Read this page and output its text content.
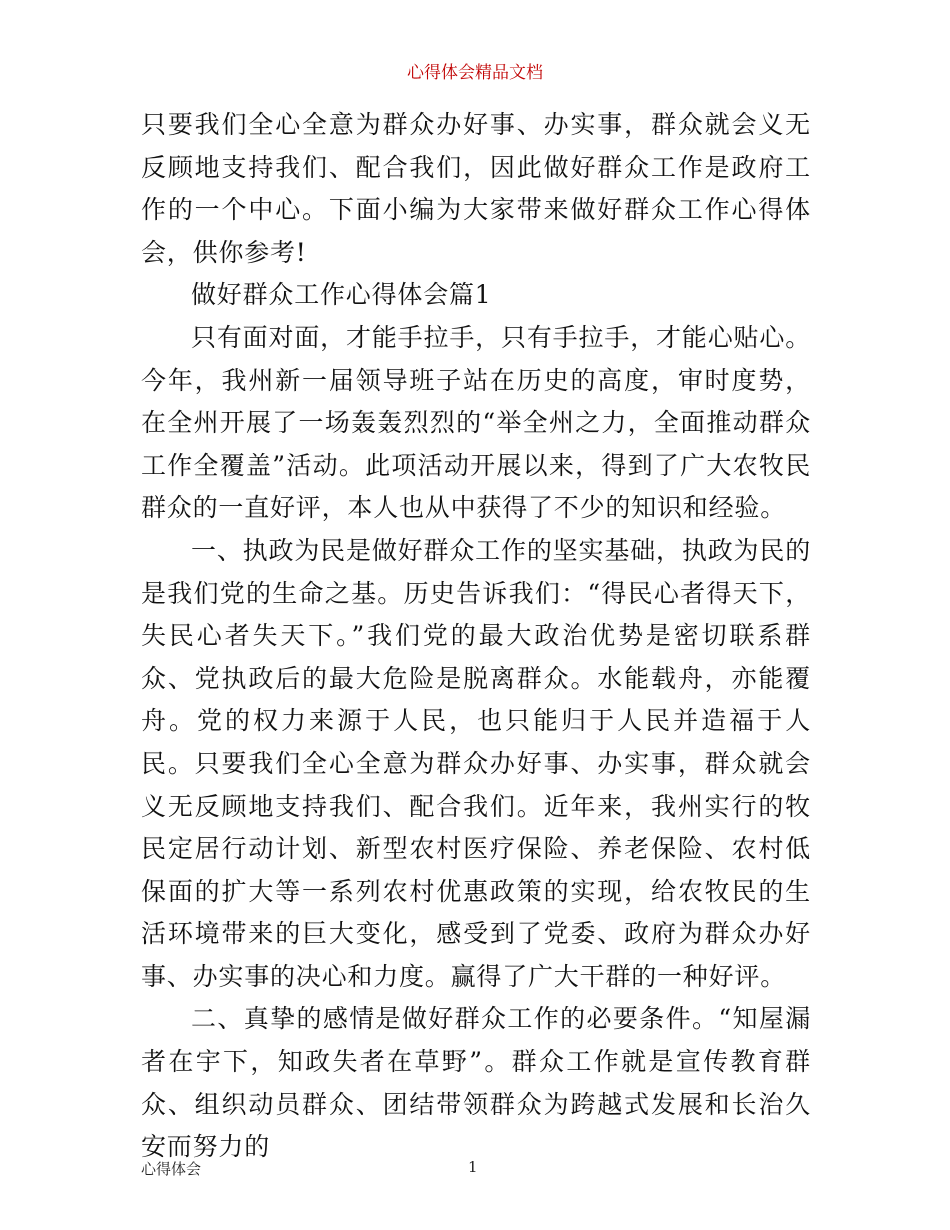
心得体会精品文档

只要我们全心全意为群众办好事、办实事，群众就会义无反顾地支持我们、配合我们，因此做好群众工作是政府工作的一个中心。下面小编为大家带来做好群众工作心得体会，供你参考!

做好群众工作心得体会篇1

只有面对面，才能手拉手，只有手拉手，才能心贴心。今年，我州新一届领导班子站在历史的高度，审时度势，在全州开展了一场轰轰烈烈的“举全州之力，全面推动群众工作全覆盖”活动。此项活动开展以来，得到了广大农牧民群众的一直好评，本人也从中获得了不少的知识和经验。

一、执政为民是做好群众工作的坚实基础，执政为民的是我们党的生命之基。历史告诉我们：“得民心者得天下，失民心者失天下。”我们党的最大政治优势是密切联系群众、党执政后的最大危险是脱离群众。水能载舟，亦能覆舟。党的权力来源于人民，也只能归于人民并造福于人民。只要我们全心全意为群众办好事、办实事，群众就会义无反顾地支持我们、配合我们。近年来，我州实行的牧民定居行动计划、新型农村医疗保险、养老保险、农村低保面的扩大等一系列农村优惠政策的实现，给农牧民的生活环境带来的巨大变化，感受到了党委、政府为群众办好事、办实事的决心和力度。赢得了广大干群的一种好评。

二、真挚的感情是做好群众工作的必要条件。“知屋漏者在宇下，知政失者在草野”。群众工作就是宣传教育群众、组织动员群众、团结带领群众为跨越式发展和长治久安而努力的

心得体会	1
